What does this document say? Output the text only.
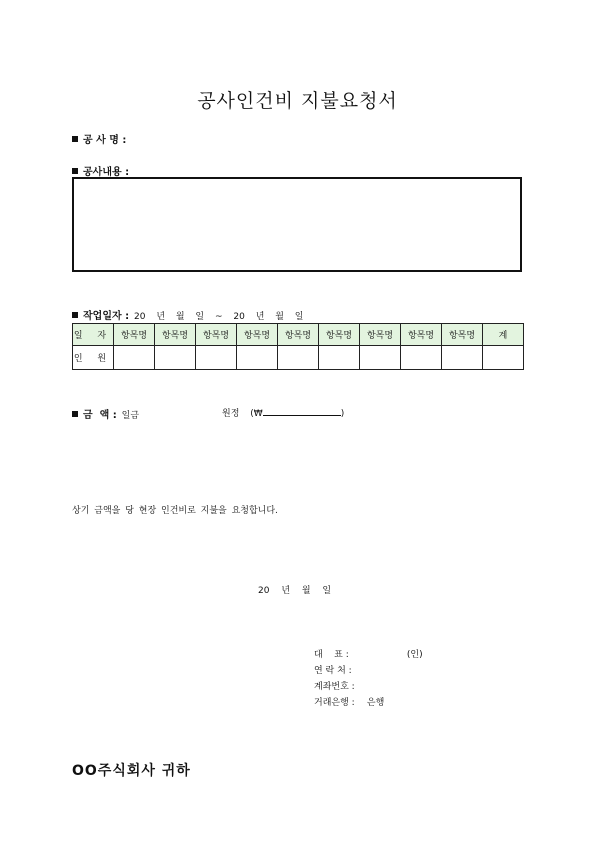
공사인건비 지불요청서
공 사 명 :
공사내용 :
작업일자 : 20 년 월 일 ~ 20 년 월 일
일 자	항목명	항목명	항목명	항목명	항목명	항목명	항목명	항목명	항목명	계
인 원										
금  액 : 일금	원정 (₩	)
상기 금액을 당 현장 인건비로 지불을 요청합니다.
20 년 월 일
대    표 :	(인)
연 락 처 :
계좌번호 :
거래은행 : 은행
OO주식회사 귀하
